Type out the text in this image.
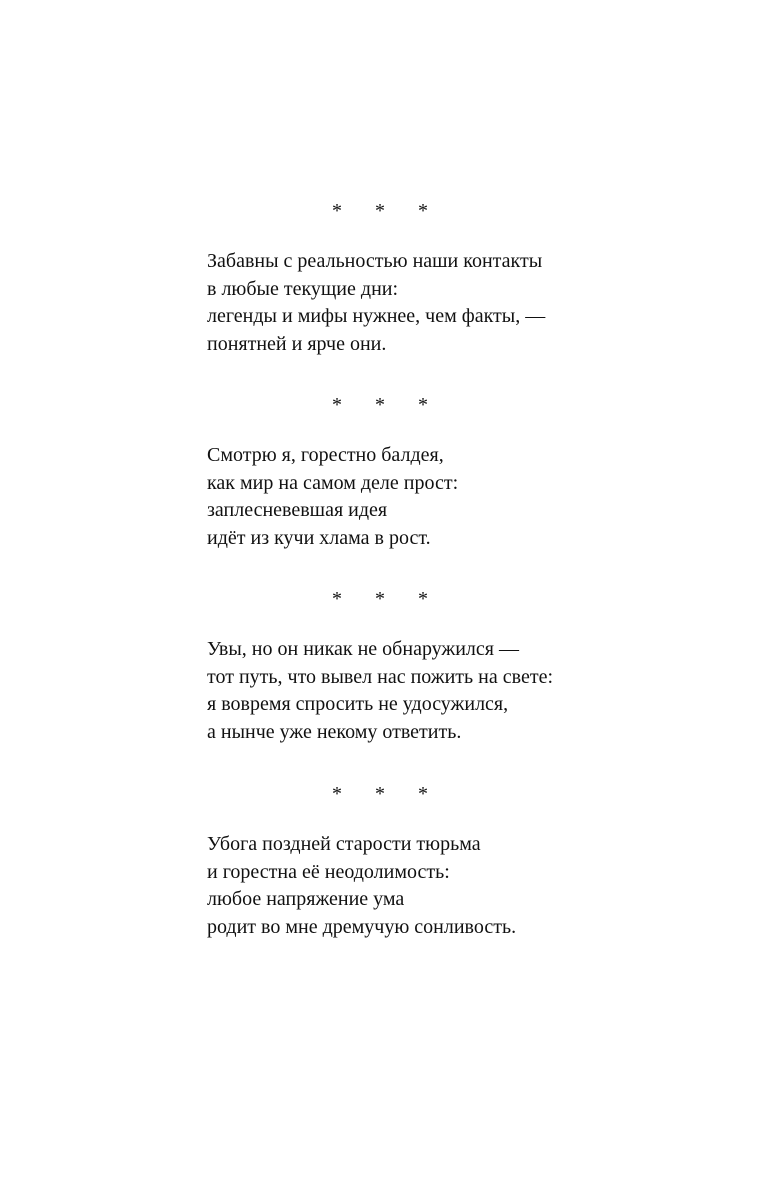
* * *
Забавны с реальностью наши контакты
в любые текущие дни:
легенды и мифы нужнее, чем факты, —
понятней и ярче они.
* * *
Смотрю я, горестно балдея,
как мир на самом деле прост:
заплесневевшая идея
идёт из кучи хлама в рост.
* * *
Увы, но он никак не обнаружился —
тот путь, что вывел нас пожить на свете:
я вовремя спросить не удосужился,
а нынче уже некому ответить.
* * *
Убога поздней старости тюрьма
и горестна её неодолимость:
любое напряжение ума
родит во мне дремучую сонливость.
